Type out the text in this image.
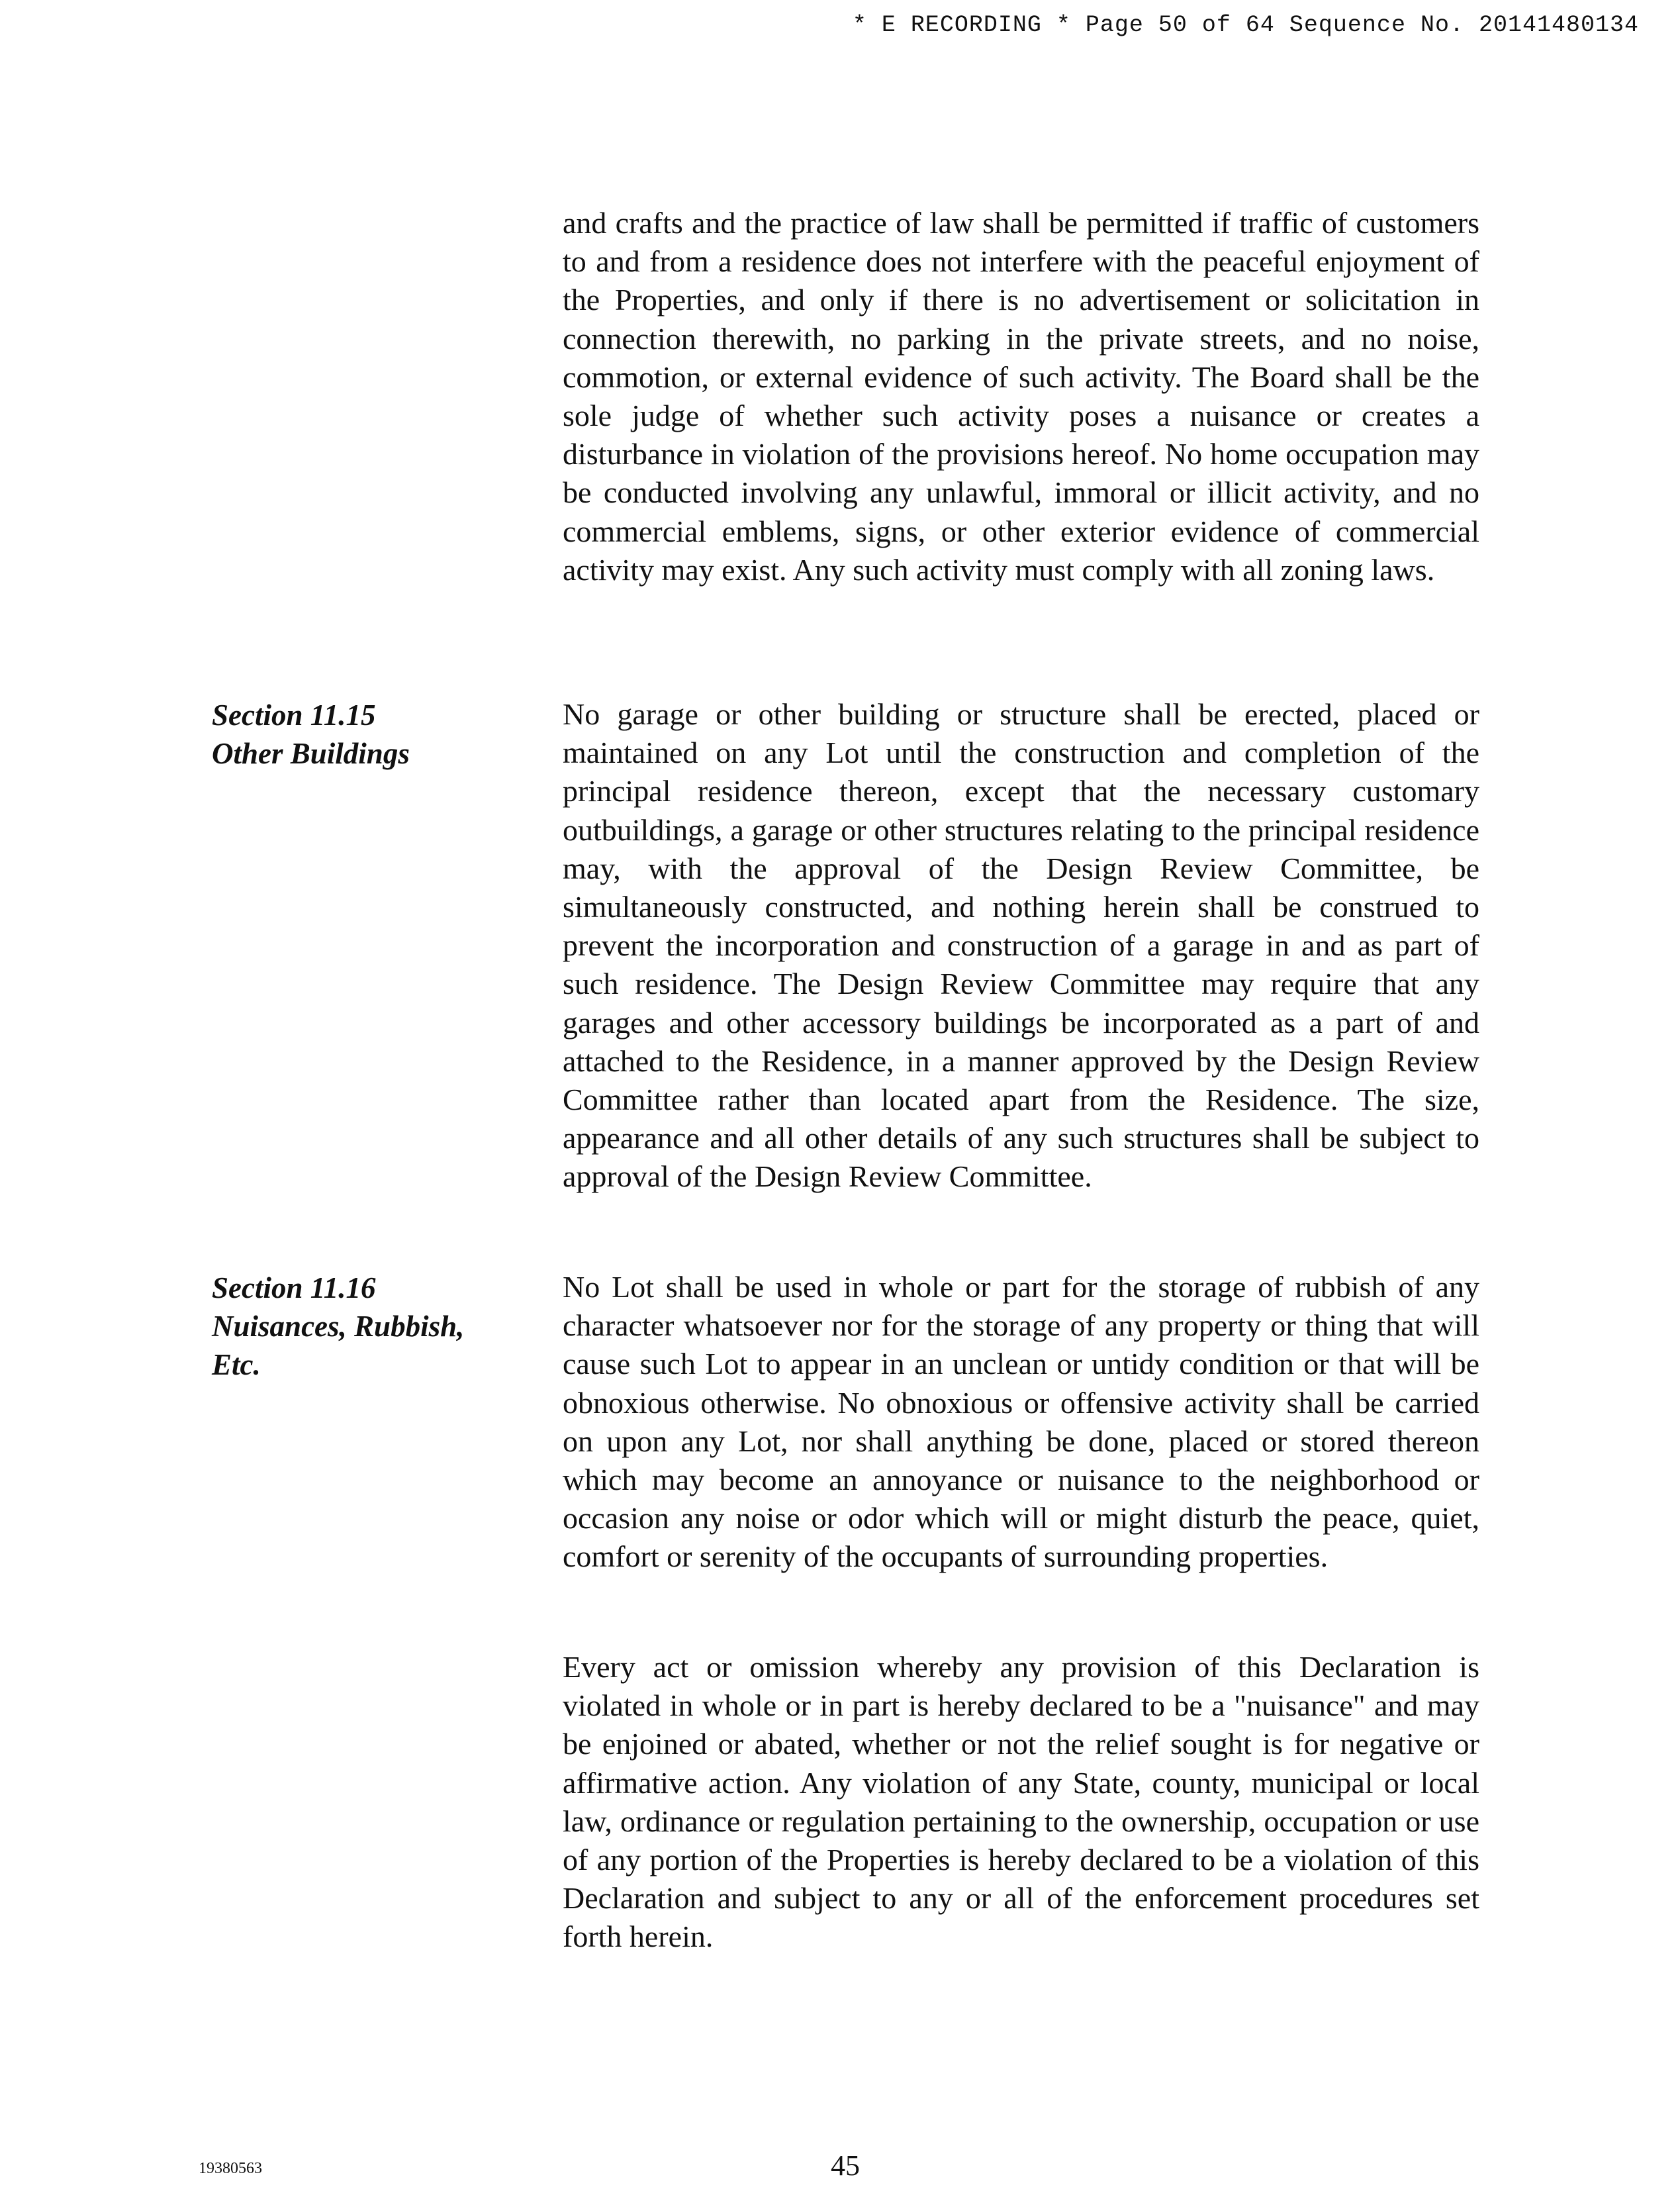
* E RECORDING * Page 50 of 64 Sequence No. 20141480134

and crafts and the practice of law shall be permitted if traffic of customers to and from a residence does not interfere with the peaceful enjoyment of the Properties, and only if there is no advertisement or solicitation in connection therewith, no parking in the private streets, and no noise, commotion, or external evidence of such activity. The Board shall be the sole judge of whether such activity poses a nuisance or creates a disturbance in violation of the provisions hereof. No home occupation may be conducted involving any unlawful, immoral or illicit activity, and no commercial emblems, signs, or other exterior evidence of commercial activity may exist. Any such activity must comply with all zoning laws.

Section 11.15
Other Buildings

No garage or other building or structure shall be erected, placed or maintained on any Lot until the construction and completion of the principal residence thereon, except that the necessary customary outbuildings, a garage or other structures relating to the principal residence may, with the approval of the Design Review Committee, be simultaneously constructed, and nothing herein shall be construed to prevent the incorporation and construction of a garage in and as part of such residence. The Design Review Committee may require that any garages and other accessory buildings be incorporated as a part of and attached to the Residence, in a manner approved by the Design Review Committee rather than located apart from the Residence. The size, appearance and all other details of any such structures shall be subject to approval of the Design Review Committee.

Section 11.16
Nuisances, Rubbish,
Etc.

No Lot shall be used in whole or part for the storage of rubbish of any character whatsoever nor for the storage of any property or thing that will cause such Lot to appear in an unclean or untidy condition or that will be obnoxious otherwise. No obnoxious or offensive activity shall be carried on upon any Lot, nor shall anything be done, placed or stored thereon which may become an annoyance or nuisance to the neighborhood or occasion any noise or odor which will or might disturb the peace, quiet, comfort or serenity of the occupants of surrounding properties.

Every act or omission whereby any provision of this Declaration is violated in whole or in part is hereby declared to be a "nuisance" and may be enjoined or abated, whether or not the relief sought is for negative or affirmative action. Any violation of any State, county, municipal or local law, ordinance or regulation pertaining to the ownership, occupation or use of any portion of the Properties is hereby declared to be a violation of this Declaration and subject to any or all of the enforcement procedures set forth herein.

19380563	45
